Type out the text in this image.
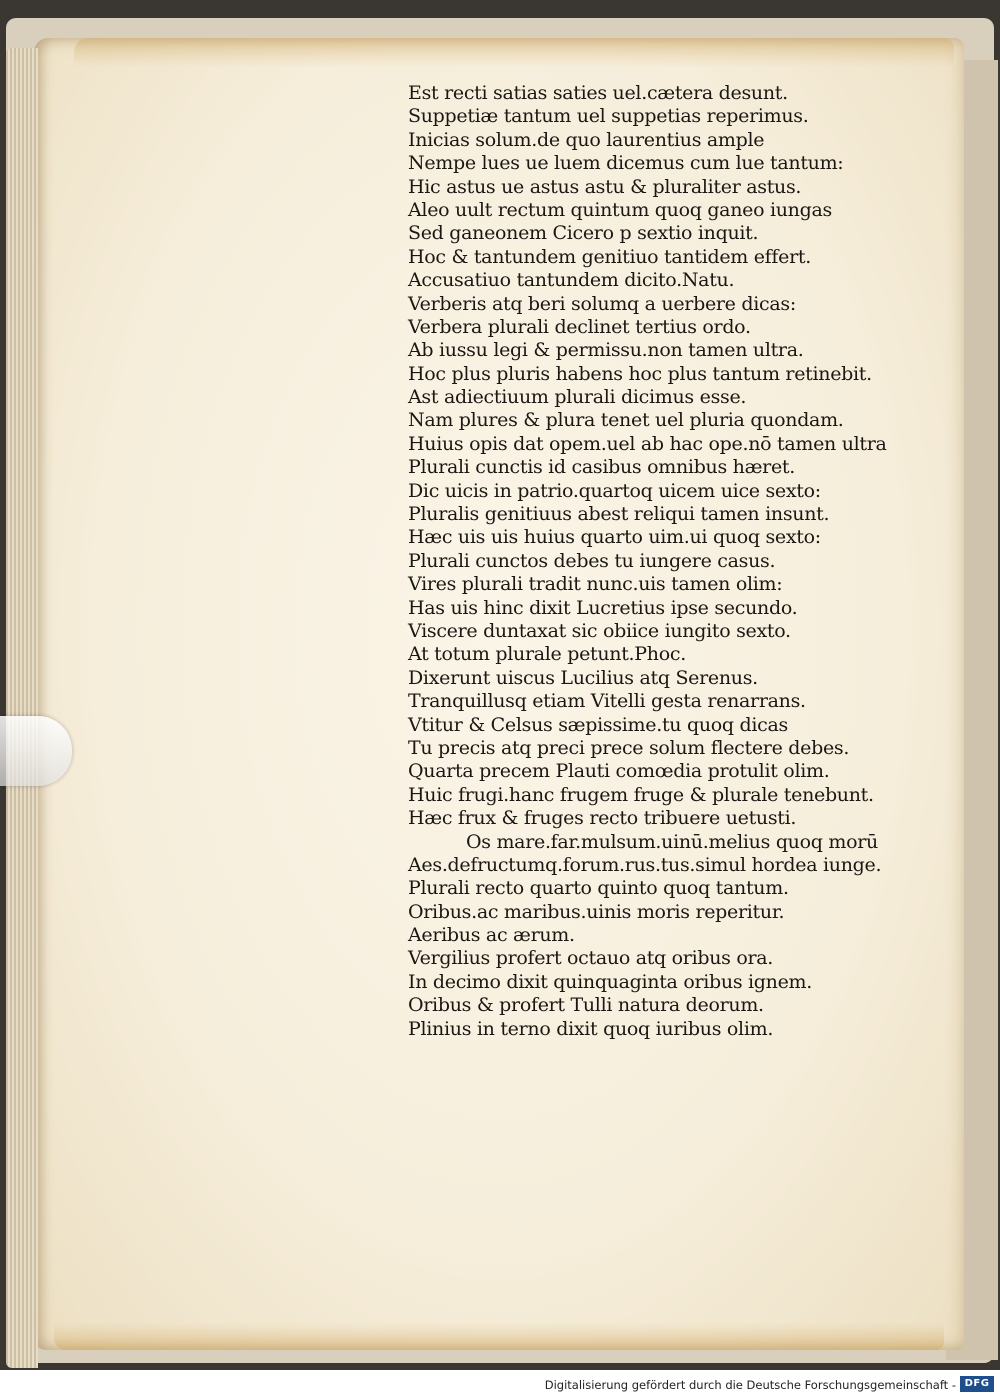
Est recti satias saties uel.cætera desunt.
Suppetiæ tantum uel suppetias reperimus.
Inicias solum.de quo laurentius ample
Nempe lues ue luem dicemus cum lue tantum:
Hic astus ue astus astu & pluraliter astus.
Aleo uult rectum quintum quoq ganeo iungas
Sed ganeonem Cicero p sextio inquit.
Hoc & tantundem genitiuo tantidem effert.
Accusatiuo tantundem dicito.Natu.
Verberis atq beri solumq a uerbere dicas:
Verbera plurali declinet tertius ordo.
Ab iussu legi & permissu.non tamen ultra.
Hoc plus pluris habens hoc plus tantum retinebit.
Ast adiectiuum plurali dicimus esse.
Nam plures & plura tenet uel pluria quondam.
Huius opis dat opem.uel ab hac ope.nō tamen ultra
Plurali cunctis id casibus omnibus hæret.
Dic uicis in patrio.quartoq uicem uice sexto:
Pluralis genitiuus abest reliqui tamen insunt.
Hæc uis uis huius quarto uim.ui quoq sexto:
Plurali cunctos debes tu iungere casus.
Vires plurali tradit nunc.uis tamen olim:
Has uis hinc dixit Lucretius ipse secundo.
Viscere duntaxat sic obiice iungito sexto.
At totum plurale petunt.Phoc.
Dixerunt uiscus Lucilius atq Serenus.
Tranquillusq etiam Vitelli gesta renarrans.
Vtitur & Celsus sæpissime.tu quoq dicas
Tu precis atq preci prece solum flectere debes.
Quarta precem Plauti comœdia protulit olim.
Huic frugi.hanc frugem fruge & plurale tenebunt.
Hæc frux & fruges recto tribuere uetusti.
Os mare.far.mulsum.uinū.melius quoq morū
Aes.defructumq.forum.rus.tus.simul hordea iunge.
Plurali recto quarto quinto quoq tantum.
Oribus.ac maribus.uinis moris reperitur.
Aeribus ac ærum.
Vergilius profert octauo atq oribus ora.
In decimo dixit quinquaginta oribus ignem.
Oribus & profert Tulli natura deorum.
Plinius in terno dixit quoq iuribus olim.
Digitalisierung gefördert durch die Deutsche Forschungsgemeinschaft - DFG
